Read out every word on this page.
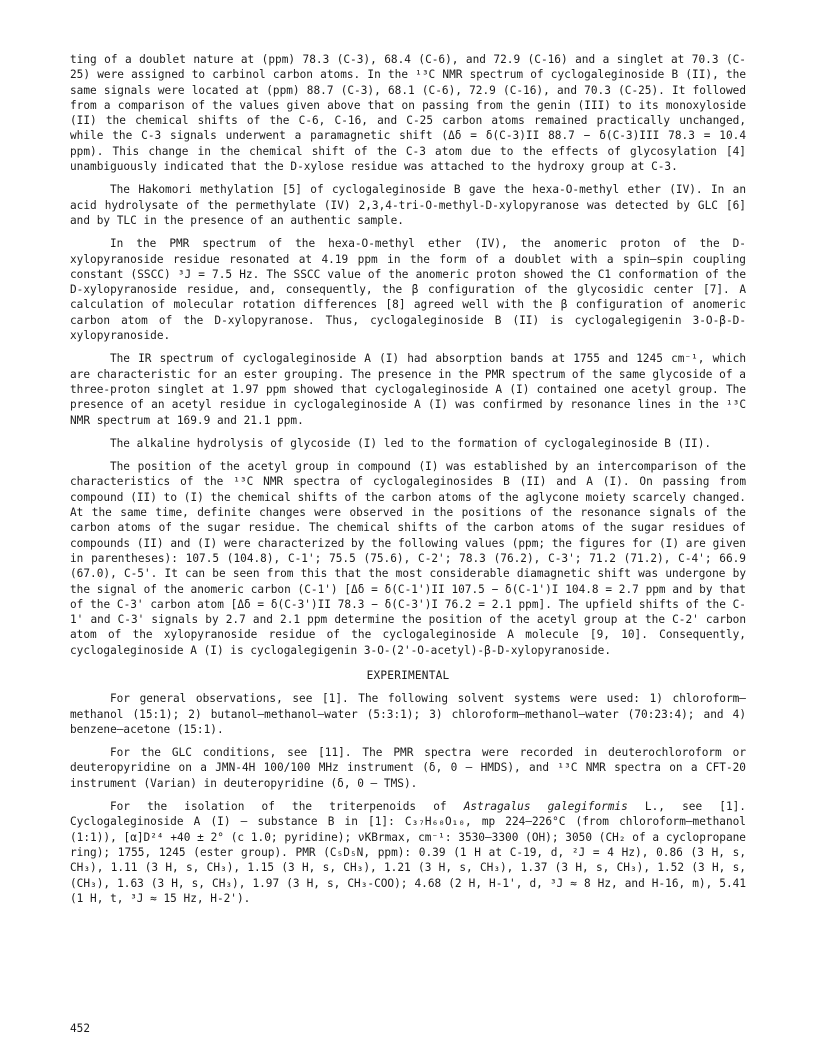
ting of a doublet nature at (ppm) 78.3 (C-3), 68.4 (C-6), and 72.9 (C-16) and a singlet at 70.3 (C-25) were assigned to carbinol carbon atoms. In the ¹³C NMR spectrum of cyclogaleginoside B (II), the same signals were located at (ppm) 88.7 (C-3), 68.1 (C-6), 72.9 (C-16), and 70.3 (C-25). It followed from a comparison of the values given above that on passing from the genin (III) to its monoxyloside (II) the chemical shifts of the C-6, C-16, and C-25 carbon atoms remained practically unchanged, while the C-3 signals underwent a paramagnetic shift (Δδ = δ(C-3)II 88.7 − δ(C-3)III 78.3 = 10.4 ppm). This change in the chemical shift of the C-3 atom due to the effects of glycosylation [4] unambiguously indicated that the D-xylose residue was attached to the hydroxy group at C-3.

The Hakomori methylation [5] of cyclogaleginoside B gave the hexa-O-methyl ether (IV). In an acid hydrolysate of the permethylate (IV) 2,3,4-tri-O-methyl-D-xylopyranose was detected by GLC [6] and by TLC in the presence of an authentic sample.

In the PMR spectrum of the hexa-O-methyl ether (IV), the anomeric proton of the D-xylopyranoside residue resonated at 4.19 ppm in the form of a doublet with a spin–spin coupling constant (SSCC) ³J = 7.5 Hz. The SSCC value of the anomeric proton showed the C1 conformation of the D-xylopyranoside residue, and, consequently, the β configuration of the glycosidic center [7]. A calculation of molecular rotation differences [8] agreed well with the β configuration of anomeric carbon atom of the D-xylopyranose. Thus, cyclogaleginoside B (II) is cyclogalegigenin 3-O-β-D-xylopyranoside.

The IR spectrum of cyclogaleginoside A (I) had absorption bands at 1755 and 1245 cm⁻¹, which are characteristic for an ester grouping. The presence in the PMR spectrum of the same glycoside of a three-proton singlet at 1.97 ppm showed that cyclogaleginoside A (I) contained one acetyl group. The presence of an acetyl residue in cyclogaleginoside A (I) was confirmed by resonance lines in the ¹³C NMR spectrum at 169.9 and 21.1 ppm.

The alkaline hydrolysis of glycoside (I) led to the formation of cyclogaleginoside B (II).

The position of the acetyl group in compound (I) was established by an intercomparison of the characteristics of the ¹³C NMR spectra of cyclogaleginosides B (II) and A (I). On passing from compound (II) to (I) the chemical shifts of the carbon atoms of the aglycone moiety scarcely changed. At the same time, definite changes were observed in the positions of the resonance signals of the carbon atoms of the sugar residue. The chemical shifts of the carbon atoms of the sugar residues of compounds (II) and (I) were characterized by the following values (ppm; the figures for (I) are given in parentheses): 107.5 (104.8), C-1'; 75.5 (75.6), C-2'; 78.3 (76.2), C-3'; 71.2 (71.2), C-4'; 66.9 (67.0), C-5'. It can be seen from this that the most considerable diamagnetic shift was undergone by the signal of the anomeric carbon (C-1') [Δδ = δ(C-1')II 107.5 − δ(C-1')I 104.8 = 2.7 ppm and by that of the C-3' carbon atom [Δδ = δ(C-3')II 78.3 − δ(C-3')I 76.2 = 2.1 ppm]. The upfield shifts of the C-1' and C-3' signals by 2.7 and 2.1 ppm determine the position of the acetyl group at the C-2' carbon atom of the xylopyranoside residue of the cyclogaleginoside A molecule [9, 10]. Consequently, cyclogaleginoside A (I) is cyclogalegigenin 3-O-(2'-O-acetyl)-β-D-xylopyranoside.

EXPERIMENTAL

For general observations, see [1]. The following solvent systems were used: 1) chloroform–methanol (15:1); 2) butanol–methanol–water (5:3:1); 3) chloroform–methanol–water (70:23:4); and 4) benzene–acetone (15:1).

For the GLC conditions, see [11]. The PMR spectra were recorded in deuterochloroform or deuteropyridine on a JMN-4H 100/100 MHz instrument (δ, 0 — HMDS), and ¹³C NMR spectra on a CFT-20 instrument (Varian) in deuteropyridine (δ, 0 — TMS).

For the isolation of the triterpenoids of Astragalus galegiformis L., see [1]. Cyclogaleginoside A (I) — substance B in [1]: C₃₇H₆₀O₁₀, mp 224–226°C (from chloroform–methanol (1:1)), [α]D²⁴ +40 ± 2° (c 1.0; pyridine); νKBrmax, cm⁻¹: 3530–3300 (OH); 3050 (CH₂ of a cyclopropane ring); 1755, 1245 (ester group). PMR (C₅D₅N, ppm): 0.39 (1 H at C-19, d, ²J = 4 Hz), 0.86 (3 H, s, CH₃), 1.11 (3 H, s, CH₃), 1.15 (3 H, s, CH₃), 1.21 (3 H, s, CH₃), 1.37 (3 H, s, CH₃), 1.52 (3 H, s, (CH₃), 1.63 (3 H, s, CH₃), 1.97 (3 H, s, CH₃-COO); 4.68 (2 H, H-1', d, ³J ≈ 8 Hz, and H-16, m), 5.41 (1 H, t, ³J ≈ 15 Hz, H-2').

452
